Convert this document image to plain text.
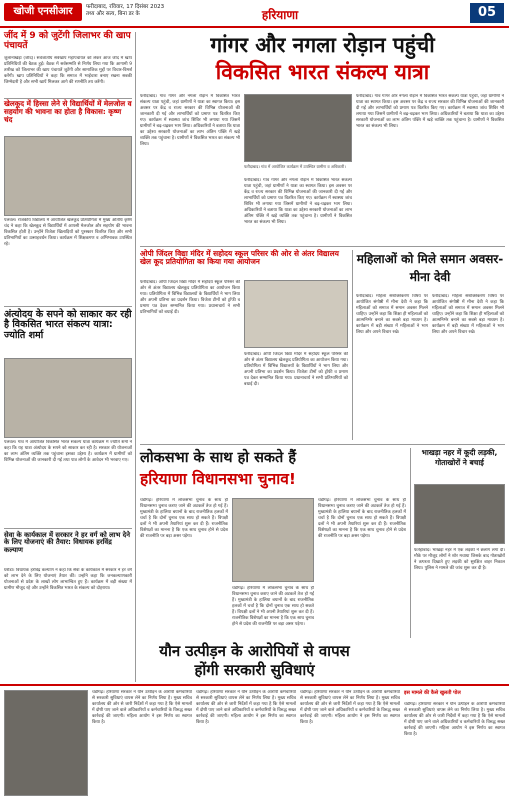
खोजी एनसीआर	फरीदाबाद, रविवार, 17 दिसंबर 2023
तथ्य और सत्य, बिना डर के	हरियाणा	05
जींद में 9 को जुटेंगी जिलाभर की खाप पंचायतें
जुलानाखेड़ा (जींद)। सर्वजातीय सर्वखाप महापंचायत को लेकर आज जींद में खाप प्रतिनिधियों की बैठक हुई। बैठक में सर्वसम्मति से निर्णय लिया गया कि आगामी 9 तारीख को जिलाभर की खाप पंचायतें जुटेंगी और सामाजिक मुद्दों पर विचार-विमर्श करेंगी। खाप प्रतिनिधियों ने कहा कि समाज में भाईचारा बनाए रखना सबकी जिम्मेदारी है और सभी खापें मिलकर आगे की रणनीति तय करेंगी।
खेलकूद में हिस्सा लेने से विद्यार्थियों में मेलजोल व सहयोग की भावना का होता है विकास: कृष्ण चंद
पलवल। राजकीय विद्यालय में आयोजित खेलकूद प्रतियोगिता में मुख्य अतिथि कृष्ण चंद ने कहा कि खेलकूद से विद्यार्थियों में आपसी मेलजोल और सहयोग की भावना विकसित होती है। उन्होंने विजेता खिलाड़ियों को पुरस्कार वितरित किए और सभी प्रतिभागियों का उत्साहवर्धन किया। कार्यक्रम में शिक्षकगण व अभिभावक उपस्थित रहे।
अंत्योदय के सपने को साकार कर रही है विकसित भारत संकल्प यात्रा: ज्योति शर्मा
पलवल। गांव में आयोजित विकसित भारत संकल्प यात्रा कार्यक्रम में ज्योति शर्मा ने कहा कि यह यात्रा अंत्योदय के सपने को साकार कर रही है। सरकार की योजनाओं का लाभ अंतिम व्यक्ति तक पहुंचाना इसका उद्देश्य है। कार्यक्रम में ग्रामीणों को विभिन्न योजनाओं की जानकारी दी गई तथा पात्र लोगों के आवेदन भी भरवाए गए।
सेवा के कार्यकाल में सरकार ने हर वर्ग को लाभ देने के लिए योजनाएं की तैयार: विधायक हरविंद्र कल्याण
घरौंडा। विधायक हरविंद्र कल्याण ने कहा कि सेवा के कार्यकाल में सरकार ने हर वर्ग को लाभ देने के लिए योजनाएं तैयार कीं। उन्होंने कहा कि जनकल्याणकारी योजनाओं से प्रदेश के लाखों लोग लाभान्वित हुए हैं। कार्यक्रम में बड़ी संख्या में ग्रामीण मौजूद रहे और उन्होंने विकसित भारत के संकल्प को दोहराया।
गांगर और नगला रोड़ान पहुंची
विकसित भारत संकल्प यात्रा
फरीदाबाद। गांव गांगर और नगला रोड़ान में विकसित भारत संकल्प यात्रा पहुंची, जहां ग्रामीणों ने यात्रा का स्वागत किया। इस अवसर पर केंद्र व राज्य सरकार की विभिन्न योजनाओं की जानकारी दी गई और लाभार्थियों को प्रमाण पत्र वितरित किए गए। कार्यक्रम में स्वास्थ्य जांच शिविर भी लगाया गया जिसमें ग्रामीणों ने बढ़-चढ़कर भाग लिया। अधिकारियों ने बताया कि यात्रा का उद्देश्य सरकारी योजनाओं का लाभ अंतिम पंक्ति में खड़े व्यक्ति तक पहुंचाना है। ग्रामीणों ने विकसित भारत का संकल्प भी लिया।
फरीदाबाद। गांव में आयोजित कार्यक्रम में उपस्थित ग्रामीण व अधिकारी।
फरीदाबाद। गांव गांगर और नगला रोड़ान में विकसित भारत संकल्प यात्रा पहुंची, जहां ग्रामीणों ने यात्रा का स्वागत किया। इस अवसर पर केंद्र व राज्य सरकार की विभिन्न योजनाओं की जानकारी दी गई और लाभार्थियों को प्रमाण पत्र वितरित किए गए। कार्यक्रम में स्वास्थ्य जांच शिविर भी लगाया गया जिसमें ग्रामीणों ने बढ़-चढ़कर भाग लिया। अधिकारियों ने बताया कि यात्रा का उद्देश्य सरकारी योजनाओं का लाभ अंतिम पंक्ति में खड़े व्यक्ति तक पहुंचाना है। ग्रामीणों ने विकसित भारत का संकल्प भी लिया।
फरीदाबाद। गांव गांगर और नगला रोड़ान में विकसित भारत संकल्प यात्रा पहुंची, जहां ग्रामीणों ने यात्रा का स्वागत किया। इस अवसर पर केंद्र व राज्य सरकार की विभिन्न योजनाओं की जानकारी दी गई और लाभार्थियों को प्रमाण पत्र वितरित किए गए। कार्यक्रम में स्वास्थ्य जांच शिविर भी लगाया गया जिसमें ग्रामीणों ने बढ़-चढ़कर भाग लिया। अधिकारियों ने बताया कि यात्रा का उद्देश्य सरकारी योजनाओं का लाभ अंतिम पंक्ति में खड़े व्यक्ति तक पहुंचाना है। ग्रामीणों ने विकसित भारत का संकल्प भी लिया।
ओपी जिंदल विद्या मंदिर में सहोदय स्कूल परिसर की ओर से अंतर विद्यालय खेल कूद प्रतियोगिता का किया गया आयोजन
फरीदाबाद। ओपी जिंदल विद्या मंदिर में सहोदय स्कूल परिसर की ओर से अंतर विद्यालय खेलकूद प्रतियोगिता का आयोजन किया गया। प्रतियोगिता में विभिन्न विद्यालयों के विद्यार्थियों ने भाग लिया और अपनी प्रतिभा का प्रदर्शन किया। विजेता टीमों को ट्रॉफी व प्रमाण पत्र देकर सम्मानित किया गया। प्रधानाचार्य ने सभी प्रतिभागियों को बधाई दी।
फरीदाबाद। ओपी जिंदल विद्या मंदिर में सहोदय स्कूल परिसर की ओर से अंतर विद्यालय खेलकूद प्रतियोगिता का आयोजन किया गया। प्रतियोगिता में विभिन्न विद्यालयों के विद्यार्थियों ने भाग लिया और अपनी प्रतिभा का प्रदर्शन किया। विजेता टीमों को ट्रॉफी व प्रमाण पत्र देकर सम्मानित किया गया। प्रधानाचार्य ने सभी प्रतिभागियों को बधाई दी।
महिलाओं को मिले समान अवसर- मीना देवी
फरीदाबाद। महिला सशक्तिकरण विषय पर आयोजित संगोष्ठी में मीना देवी ने कहा कि महिलाओं को समाज में समान अवसर मिलने चाहिए। उन्होंने कहा कि शिक्षा ही महिलाओं को आत्मनिर्भर बनाने का सबसे बड़ा माध्यम है। कार्यक्रम में बड़ी संख्या में महिलाओं ने भाग लिया और अपने विचार रखे।
फरीदाबाद। महिला सशक्तिकरण विषय पर आयोजित संगोष्ठी में मीना देवी ने कहा कि महिलाओं को समाज में समान अवसर मिलने चाहिए। उन्होंने कहा कि शिक्षा ही महिलाओं को आत्मनिर्भर बनाने का सबसे बड़ा माध्यम है। कार्यक्रम में बड़ी संख्या में महिलाओं ने भाग लिया और अपने विचार रखे।
लोकसभा के साथ हो सकते हैं
हरियाणा विधानसभा चुनाव!
चंडीगढ़। हरियाणा में लोकसभा चुनाव के साथ ही विधानसभा चुनाव कराए जाने की अटकलें तेज हो गई हैं। मुख्यमंत्री के हालिया बयानों के बाद राजनीतिक हलकों में चर्चा है कि दोनों चुनाव एक साथ हो सकते हैं। विपक्षी दलों ने भी अपनी तैयारियां शुरू कर दी हैं। राजनीतिक विशेषज्ञों का मानना है कि एक साथ चुनाव होने से प्रदेश की राजनीति पर बड़ा असर पड़ेगा।
चंडीगढ़। हरियाणा में लोकसभा चुनाव के साथ ही विधानसभा चुनाव कराए जाने की अटकलें तेज हो गई हैं। मुख्यमंत्री के हालिया बयानों के बाद राजनीतिक हलकों में चर्चा है कि दोनों चुनाव एक साथ हो सकते हैं। विपक्षी दलों ने भी अपनी तैयारियां शुरू कर दी हैं। राजनीतिक विशेषज्ञों का मानना है कि एक साथ चुनाव होने से प्रदेश की राजनीति पर बड़ा असर पड़ेगा।
चंडीगढ़। हरियाणा में लोकसभा चुनाव के साथ ही विधानसभा चुनाव कराए जाने की अटकलें तेज हो गई हैं। मुख्यमंत्री के हालिया बयानों के बाद राजनीतिक हलकों में चर्चा है कि दोनों चुनाव एक साथ हो सकते हैं। विपक्षी दलों ने भी अपनी तैयारियां शुरू कर दी हैं। राजनीतिक विशेषज्ञों का मानना है कि एक साथ चुनाव होने से प्रदेश की राजनीति पर बड़ा असर पड़ेगा।
भाखड़ा नहर में कूदी लड़की, गोताखोरों ने बचाई
फतेहाबाद। भाखड़ा नहर में एक लड़की ने छलांग लगा दी। मौके पर मौजूद लोगों ने शोर मचाया जिसके बाद गोताखोरों ने तत्परता दिखाते हुए लड़की को सुरक्षित बाहर निकाल लिया। पुलिस ने मामले की जांच शुरू कर दी है।
यौन उत्पीड़न के आरोपियों से वापस
होंगी सरकारी सुविधाएं
चंडीगढ़। हरियाणा सरकार ने यौन उत्पीड़न के आरोपी कर्मचारियों से सरकारी सुविधाएं वापस लेने का निर्णय लिया है। मुख्य सचिव कार्यालय की ओर से जारी निर्देशों में कहा गया है कि ऐसे मामलों में दोषी पाए जाने वाले अधिकारियों व कर्मचारियों के विरुद्ध सख्त कार्रवाई की जाएगी। महिला आयोग ने इस निर्णय का स्वागत किया है।
चंडीगढ़। हरियाणा सरकार ने यौन उत्पीड़न के आरोपी कर्मचारियों से सरकारी सुविधाएं वापस लेने का निर्णय लिया है। मुख्य सचिव कार्यालय की ओर से जारी निर्देशों में कहा गया है कि ऐसे मामलों में दोषी पाए जाने वाले अधिकारियों व कर्मचारियों के विरुद्ध सख्त कार्रवाई की जाएगी। महिला आयोग ने इस निर्णय का स्वागत किया है।
चंडीगढ़। हरियाणा सरकार ने यौन उत्पीड़न के आरोपी कर्मचारियों से सरकारी सुविधाएं वापस लेने का निर्णय लिया है। मुख्य सचिव कार्यालय की ओर से जारी निर्देशों में कहा गया है कि ऐसे मामलों में दोषी पाए जाने वाले अधिकारियों व कर्मचारियों के विरुद्ध सख्त कार्रवाई की जाएगी। महिला आयोग ने इस निर्णय का स्वागत किया है।
इस मामले की कैसे खुलती पोल
चंडीगढ़। हरियाणा सरकार ने यौन उत्पीड़न के आरोपी कर्मचारियों से सरकारी सुविधाएं वापस लेने का निर्णय लिया है। मुख्य सचिव कार्यालय की ओर से जारी निर्देशों में कहा गया है कि ऐसे मामलों में दोषी पाए जाने वाले अधिकारियों व कर्मचारियों के विरुद्ध सख्त कार्रवाई की जाएगी। महिला आयोग ने इस निर्णय का स्वागत किया है।
